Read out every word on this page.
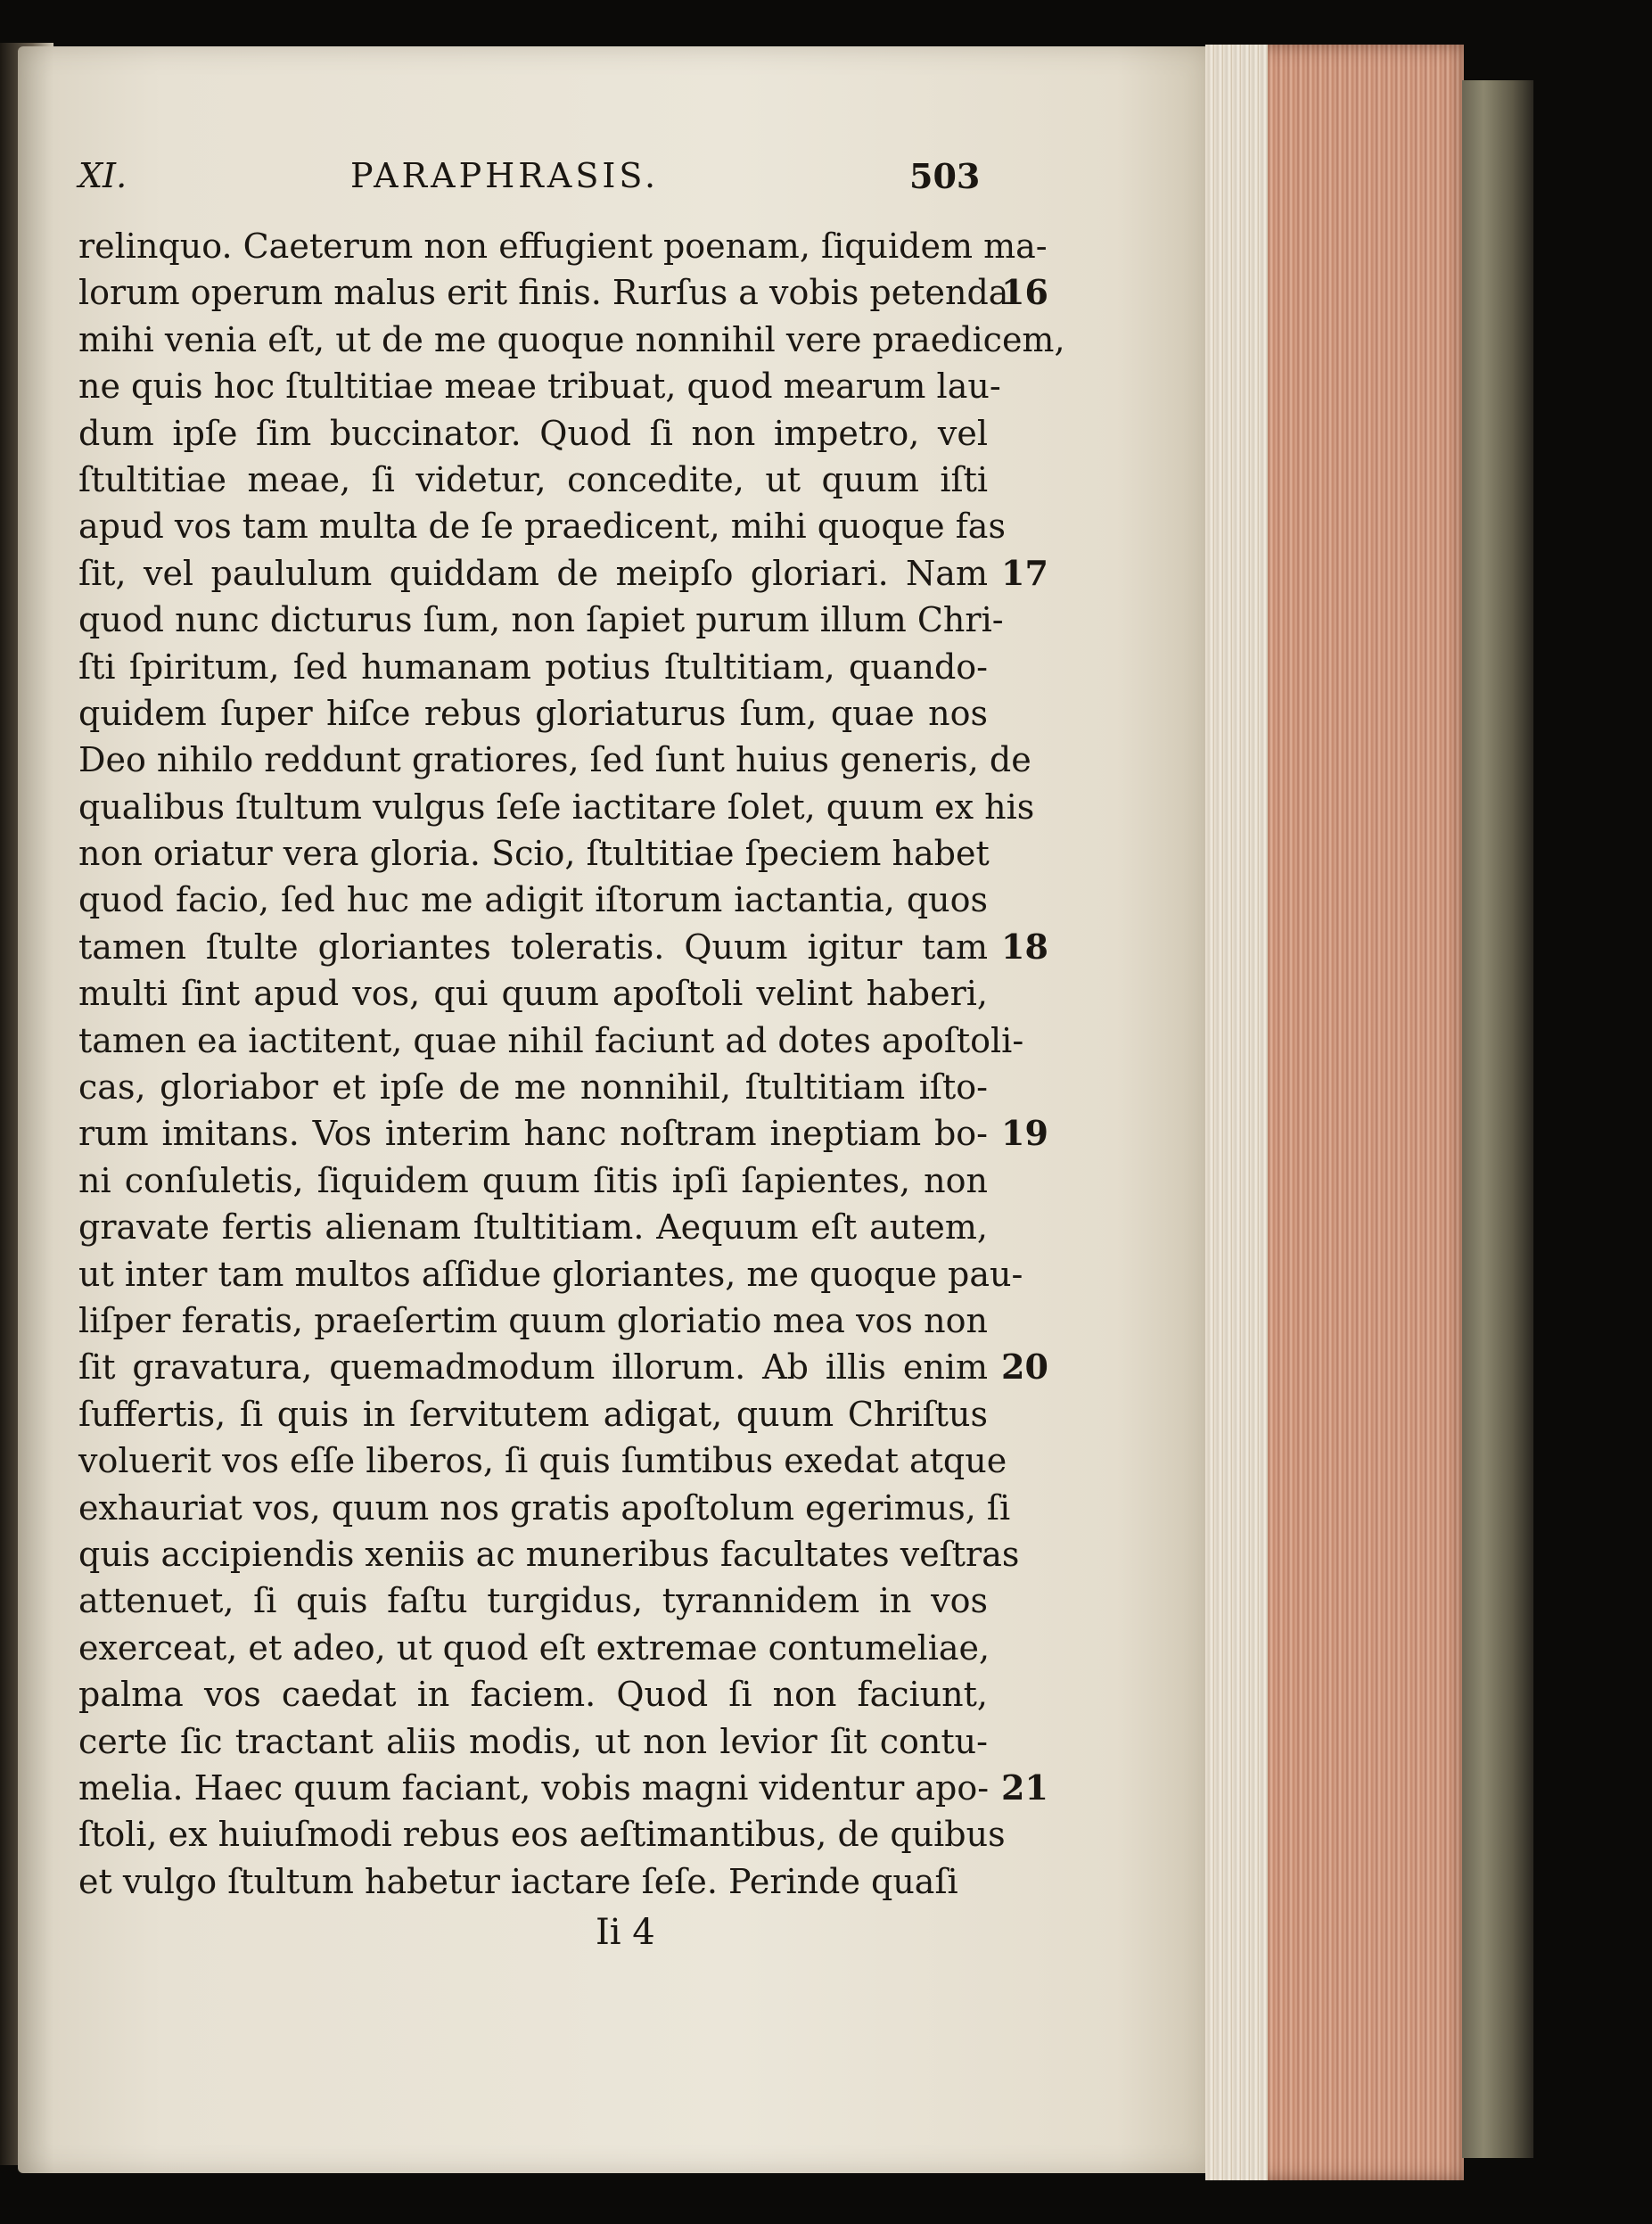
XI.	PARAPHRASIS.	503
relinquo. Caeterum non effugient poenam, ſiquidem ma-
lorum operum malus erit finis. Rurſus a vobis petenda
16
mihi venia eſt, ut de me quoque nonnihil vere praedicem,
ne quis hoc ſtultitiae meae tribuat, quod mearum lau-
dum ipſe ſim buccinator. Quod ſi non impetro, vel
ſtultitiae meae, ſi videtur, concedite, ut quum iſti
apud vos tam multa de ſe praedicent, mihi quoque fas
ſit, vel paululum quiddam de meipſo gloriari. Nam 17
quod nunc dicturus ſum, non ſapiet purum illum Chri-
ſti ſpiritum, ſed humanam potius ſtultitiam, quando-
quidem ſuper hiſce rebus gloriaturus ſum, quae nos
Deo nihilo reddunt gratiores, ſed ſunt huius generis, de
qualibus ſtultum vulgus ſeſe iactitare ſolet, quum ex his
non oriatur vera gloria. Scio, ſtultitiae ſpeciem habet
quod facio, ſed huc me adigit iſtorum iactantia, quos
tamen ſtulte gloriantes toleratis. Quum igitur tam 18
multi ſint apud vos, qui quum apoſtoli velint haberi,
tamen ea iactitent, quae nihil faciunt ad dotes apoſtoli-
cas, gloriabor et ipſe de me nonnihil, ſtultitiam iſto-
rum imitans. Vos interim hanc noſtram ineptiam bo- 19
ni conſuletis, ſiquidem quum ſitis ipſi ſapientes, non
gravate fertis alienam ſtultitiam. Aequum eſt autem,
ut inter tam multos aſſidue gloriantes, me quoque pau-
liſper feratis, praeſertim quum gloriatio mea vos non
ſit gravatura, quemadmodum illorum. Ab illis enim 20
ſuffertis, ſi quis in ſervitutem adigat, quum Chriſtus
voluerit vos eſſe liberos, ſi quis ſumtibus exedat atque
exhauriat vos, quum nos gratis apoſtolum egerimus, ſi
quis accipiendis xeniis ac muneribus facultates veſtras
attenuet, ſi quis faſtu turgidus, tyrannidem in vos
exerceat, et adeo, ut quod eſt extremae contumeliae,
palma vos caedat in faciem. Quod ſi non faciunt,
certe ſic tractant aliis modis, ut non levior ſit contu-
melia. Haec quum faciant, vobis magni videntur apo- 21
ſtoli, ex huiuſmodi rebus eos aeſtimantibus, de quibus
et vulgo ſtultum habetur iactare ſeſe. Perinde quaſi
Ii 4
